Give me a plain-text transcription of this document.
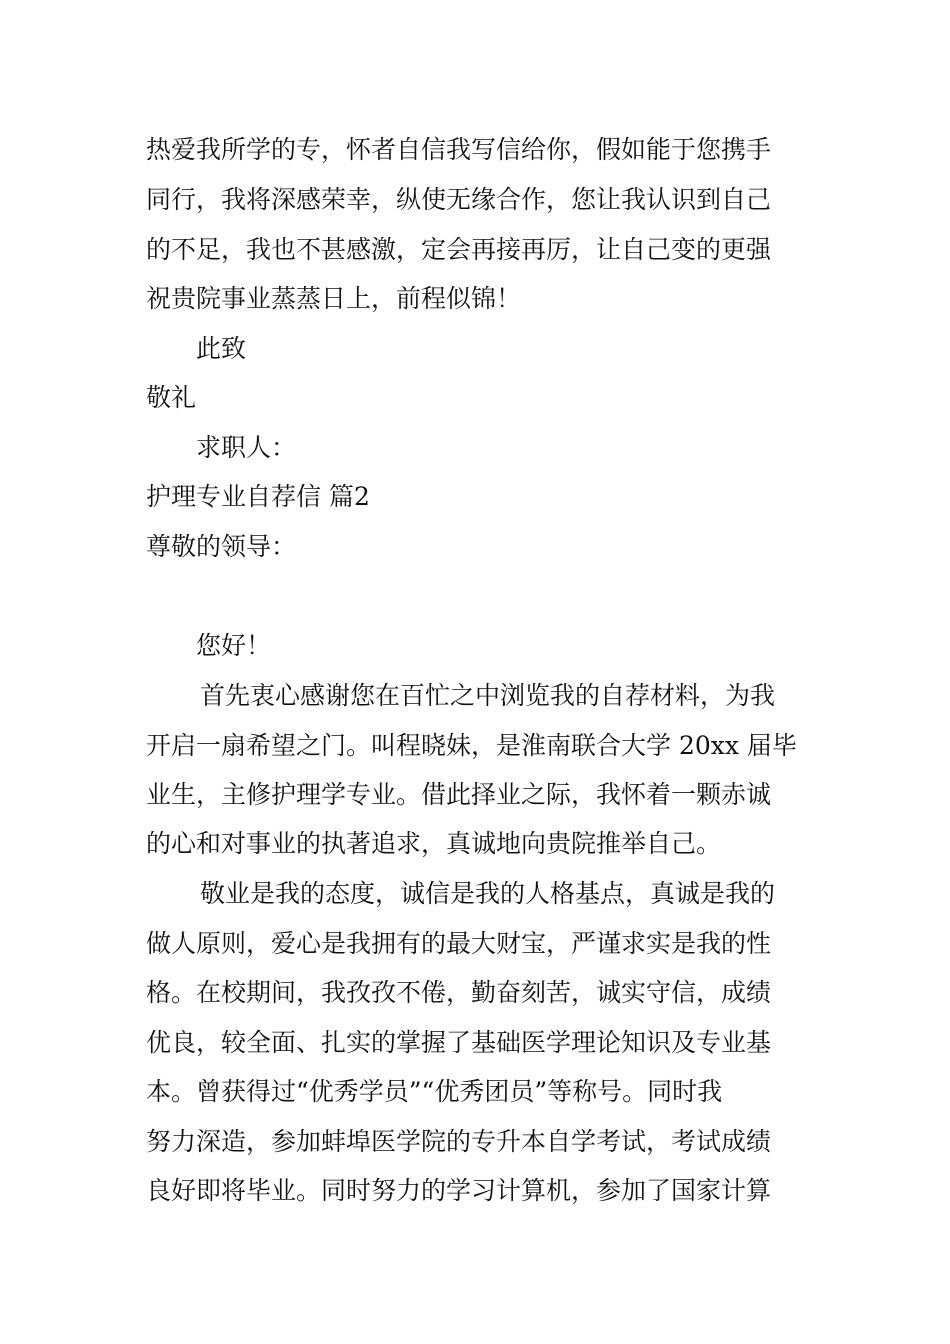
热爱我所学的专，怀者自信我写信给你，假如能于您携手

同行，我将深感荣幸，纵使无缘合作，您让我认识到自己

的不足，我也不甚感激，定会再接再厉，让自己变的更强

祝贵院事业蒸蒸日上，前程似锦！

此致

敬礼

求职人：

护理专业自荐信 篇2

尊敬的领导：

您好！

首先衷心感谢您在百忙之中浏览我的自荐材料，为我

开启一扇希望之门。叫程晓妹，是淮南联合大学 20xx 届毕

业生，主修护理学专业。借此择业之际，我怀着一颗赤诚

的心和对事业的执著追求，真诚地向贵院推举自己。

敬业是我的态度，诚信是我的人格基点，真诚是我的

做人原则，爱心是我拥有的最大财宝，严谨求实是我的性

格。在校期间，我孜孜不倦，勤奋刻苦，诚实守信，成绩

优良，较全面、扎实的掌握了基础医学理论知识及专业基

本。曾获得过“优秀学员”“优秀团员”等称号。同时我

努力深造，参加蚌埠医学院的专升本自学考试，考试成绩

良好即将毕业。同时努力的学习计算机，参加了国家计算
